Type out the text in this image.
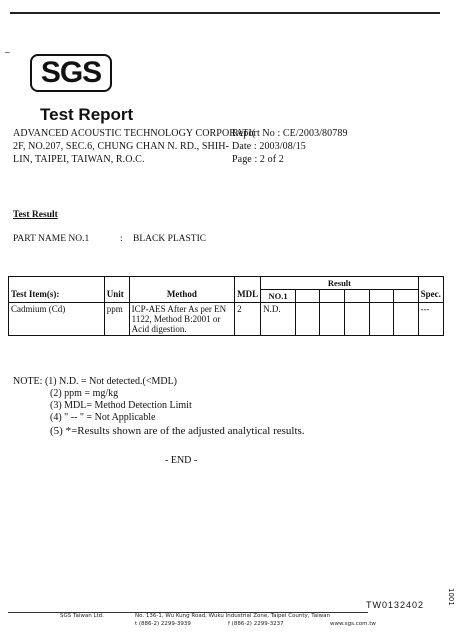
~
SGS
Test Report
ADVANCED ACOUSTIC TECHNOLOGY CORPORATI(
2F, NO.207, SEC.6, CHUNG CHAN N. RD., SHIH-
LIN, TAIPEI, TAIWAN, R.O.C.
Report No : CE/2003/80789
Date : 2003/08/15
Page : 2 of 2
Test Result
PART NAME NO.1	: BLACK PLASTIC
Test Item(s):	Unit	Method	MDL	Result						Spec.
				NO.1						
Cadmium (Cd)	ppm	ICP-AES After As per EN
1122, Method B:2001 or
Acid digestion.	2	N.D.						---
NOTE: (1) N.D. = Not detected.(<MDL)
(2) ppm = mg/kg
(3) MDL= Method Detection Limit
(4) " -- " = Not Applicable
(5) *=Results shown are of the adjusted analytical results.
- END -
TW0132402	1001
SGS Taiwan Ltd.	No. 136-1, Wu Kung Road, Wuku Industrial Zone, Taipei County, Taiwan
t (886-2) 2299-3939	f (886-2) 2299-3237	www.sgs.com.tw
